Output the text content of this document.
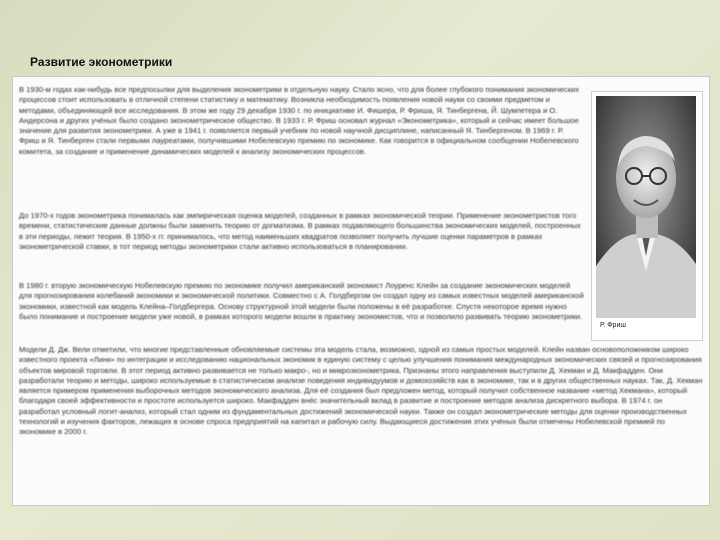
Развитие эконометрики
Р. Фриш
В 1930-м годах как-нибудь все предпосылки для выделения эконометрики в отдельную науку. Стало ясно, что для более глубокого понимания экономических процессов стоит использовать в отличной степени статистику и математику. Возникла необходимость появления новой науки со своими предметом и методами, объединяющей все исследования. В этом же году 29 декабря 1930 г. по инициативе И. Фишера, Р. Фриша, Я. Тинбергена, Й. Шумпетера и О. Андерсона и других учёных было создано эконометрическое общество. В 1933 г. Р. Фриш основал журнал «Эконометрика», который и сейчас имеет большое значение для развития эконометрики. А уже в 1941 г. появляется первый учебник по новой научной дисциплине, написанный Я. Тинбергеном. В 1969 г. Р. Фриш и Я. Тинберген стали первыми лауреатами, получившими Нобелевскую премию по экономике. Как говорится в официальном сообщении Нобелевского комитета, за создание и применение динамических моделей к анализу экономических процессов.
До 1970-х годов эконометрика понималась как эмпирическая оценка моделей, созданных в рамках экономической теории. Применение эконометристов того времени, статистические данные должны были заменить теорию от догматизма. В рамках подавляющего большинства экономических моделей, построенных в эти периоды, лежит теория. В 1950-х гг. принималось, что метод наименьших квадратов позволяет получить лучшие оценки параметров в рамках эконометрической ставки, в тот период методы эконометрики стали активно использоваться в планировании.
В 1980 г. вторую экономическую Нобелевскую премию по экономике получил американский экономист Лоуренс Клейн за создание экономических моделей для прогнозирования колебаний экономики и экономической политики. Совместно с А. Голдбергом он создал одну из самых известных моделей американской экономики, известной как модель Клейна–Голдбергера. Основу структурной этой модели были положены в её разработке. Спустя некоторое время нужно было понимание и построение модели уже новой, в рамках которого модели вошли в практику экономистов, что и позволило развивать теорию эконометрики.
Модели Д. Дж. Вели отметили, что многие представленные обновляемые системы эта модель стала, возможно, одной из самых простых моделей. Клейн назван основоположником широко известного проекта «Линк» по интеграции и исследованию национальных экономик в единую систему с целью улучшения понимания международных экономических связей и прогнозирования объектов мировой торговли. В этот период активно развивается не только макро-, но и микроэконометрика. Признаны этого направления выступили Д. Хекман и Д. Макфадден. Они разработали теорию и методы, широко используемые в статистическом анализе поведения индивидуумов и домохозяйств как в экономике, так и в других общественных науках. Так, Д. Хекман является примером применения выборочных методов экономического анализа. Для её создания был предложен метод, который получил собственное название «метод Хекмана», который благодаря своей эффективности и простоте используется широко. Макфадден внёс значительный вклад в развитие и построение методов анализа дискретного выбора. В 1974 г. он разработал условный логит-анализ, который стал одним из фундаментальных достижений экономической науки. Также он создал эконометрические методы для оценки производственных технологий и изучения факторов, лежащих в основе спроса предприятий на капитал и рабочую силу. Выдающиеся достижения этих учёных были отмечены Нобелевской премией по экономике в 2000 г.
